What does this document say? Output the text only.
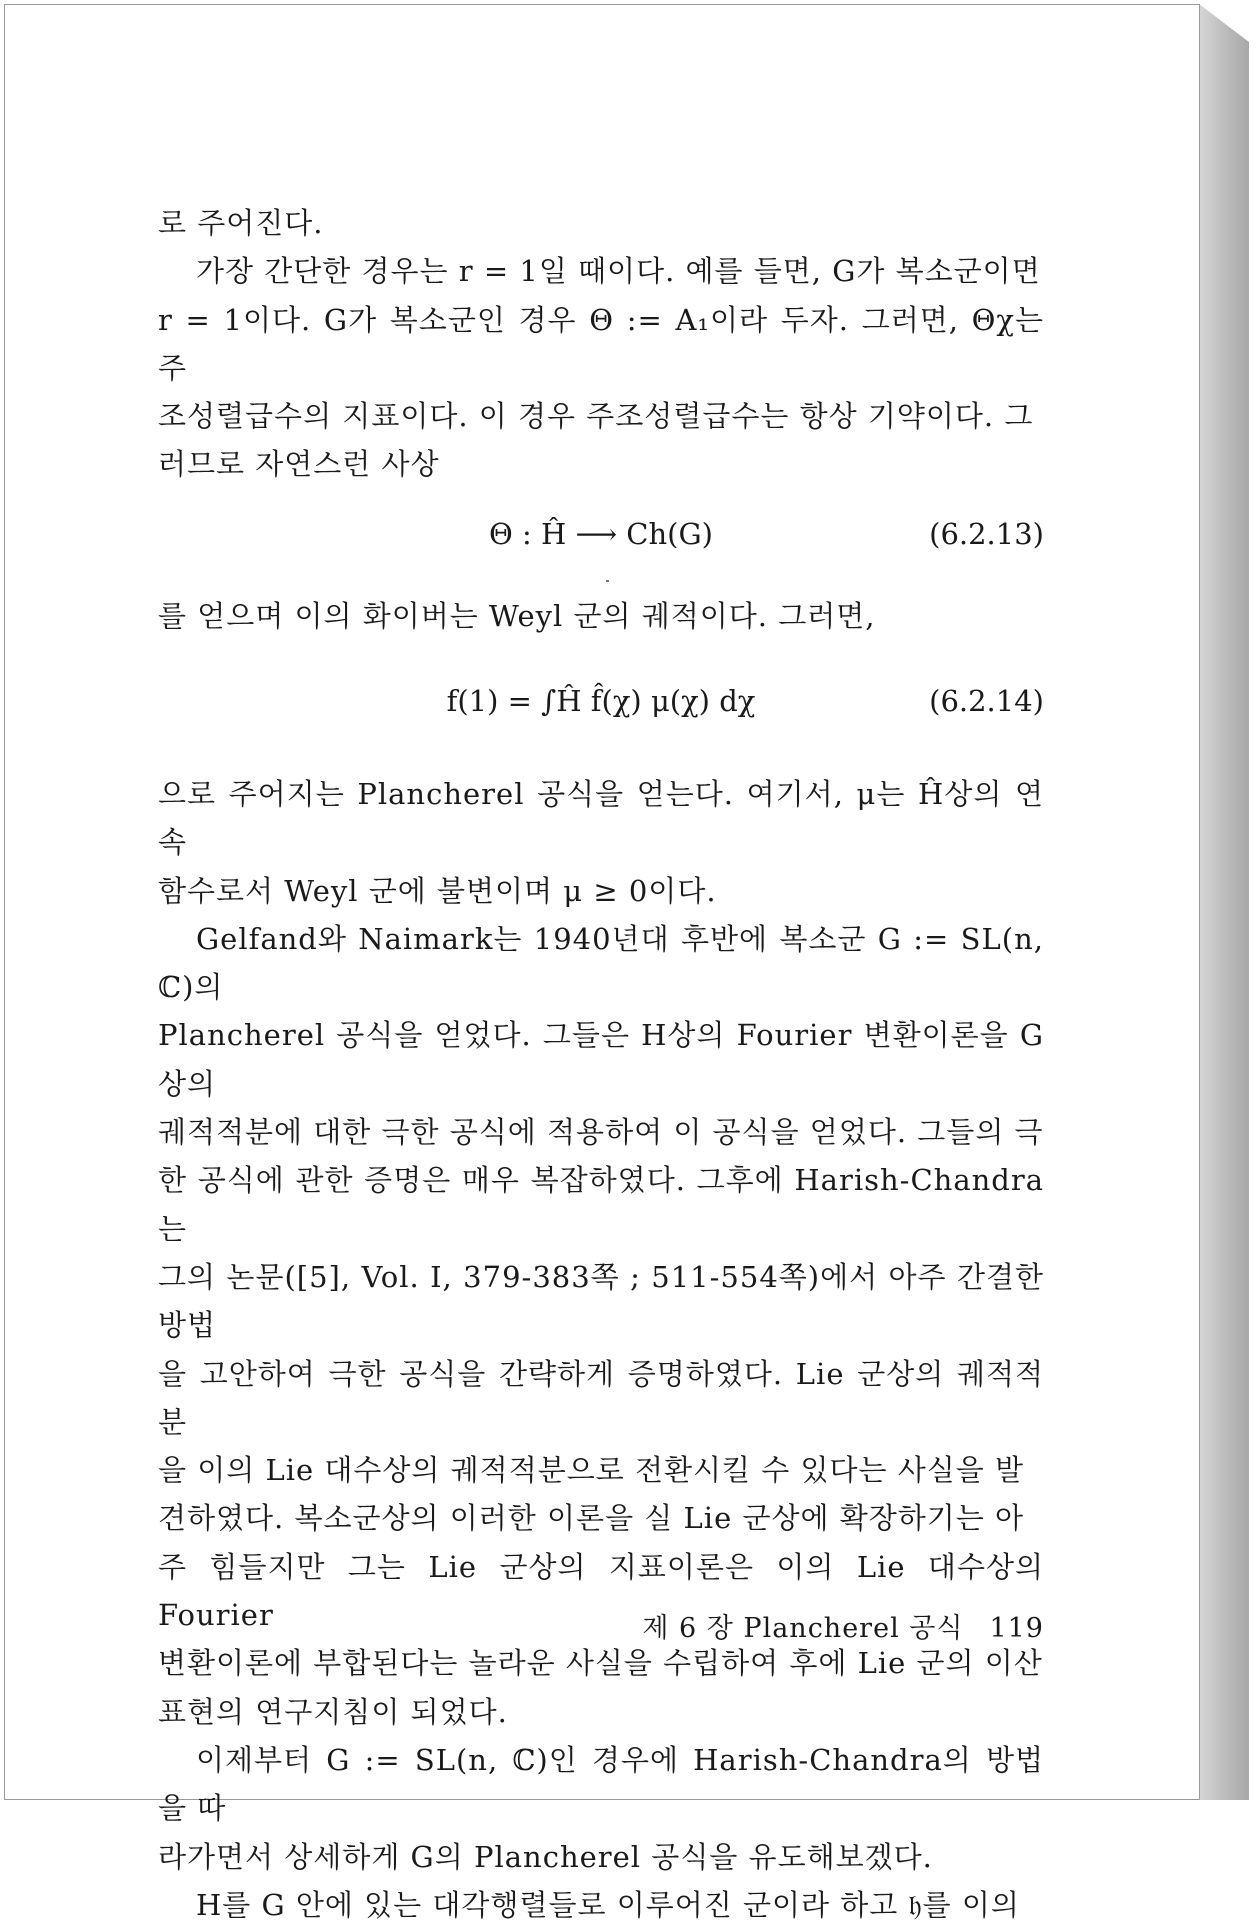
로 주어진다.

가장 간단한 경우는 r = 1일 때이다. 예를 들면, G가 복소군이면

r = 1이다. G가 복소군인 경우 Θ := A₁이라 두자. 그러면, Θχ는 주

조성렬급수의 지표이다. 이 경우 주조성렬급수는 항상 기약이다. 그

러므로 자연스런 사상

Θ : Ĥ ⟶ Ch(G)	(6.2.13)

를 얻으며 이의 화이버는 Weyl 군의 궤적이다. 그러면,

f(1) = ∫Ĥ f̂(χ) μ(χ) dχ	(6.2.14)

으로 주어지는 Plancherel 공식을 얻는다. 여기서, μ는 Ĥ상의 연속

함수로서 Weyl 군에 불변이며 μ ≥ 0이다.

Gelfand와 Naimark는 1940년대 후반에 복소군 G := SL(n, ℂ)의

Plancherel 공식을 얻었다. 그들은 H상의 Fourier 변환이론을 G상의

궤적적분에 대한 극한 공식에 적용하여 이 공식을 얻었다. 그들의 극

한 공식에 관한 증명은 매우 복잡하였다. 그후에 Harish-Chandra는

그의 논문([5], Vol. I, 379-383쪽 ; 511-554쪽)에서 아주 간결한 방법

을 고안하여 극한 공식을 간략하게 증명하였다. Lie 군상의 궤적적분

을 이의 Lie 대수상의 궤적적분으로 전환시킬 수 있다는 사실을 발

견하였다. 복소군상의 이러한 이론을 실 Lie 군상에 확장하기는 아

주 힘들지만 그는 Lie 군상의 지표이론은 이의 Lie 대수상의 Fourier

변환이론에 부합된다는 놀라운 사실을 수립하여 후에 Lie 군의 이산

표현의 연구지침이 되었다.

이제부터 G := SL(n, ℂ)인 경우에 Harish-Chandra의 방법을 따

라가면서 상세하게 G의 Plancherel 공식을 유도해보겠다.

H를 G 안에 있는 대각행렬들로 이루어진 군이라 하고 𝔥를 이의

제 6 장 Plancherel 공식 119
